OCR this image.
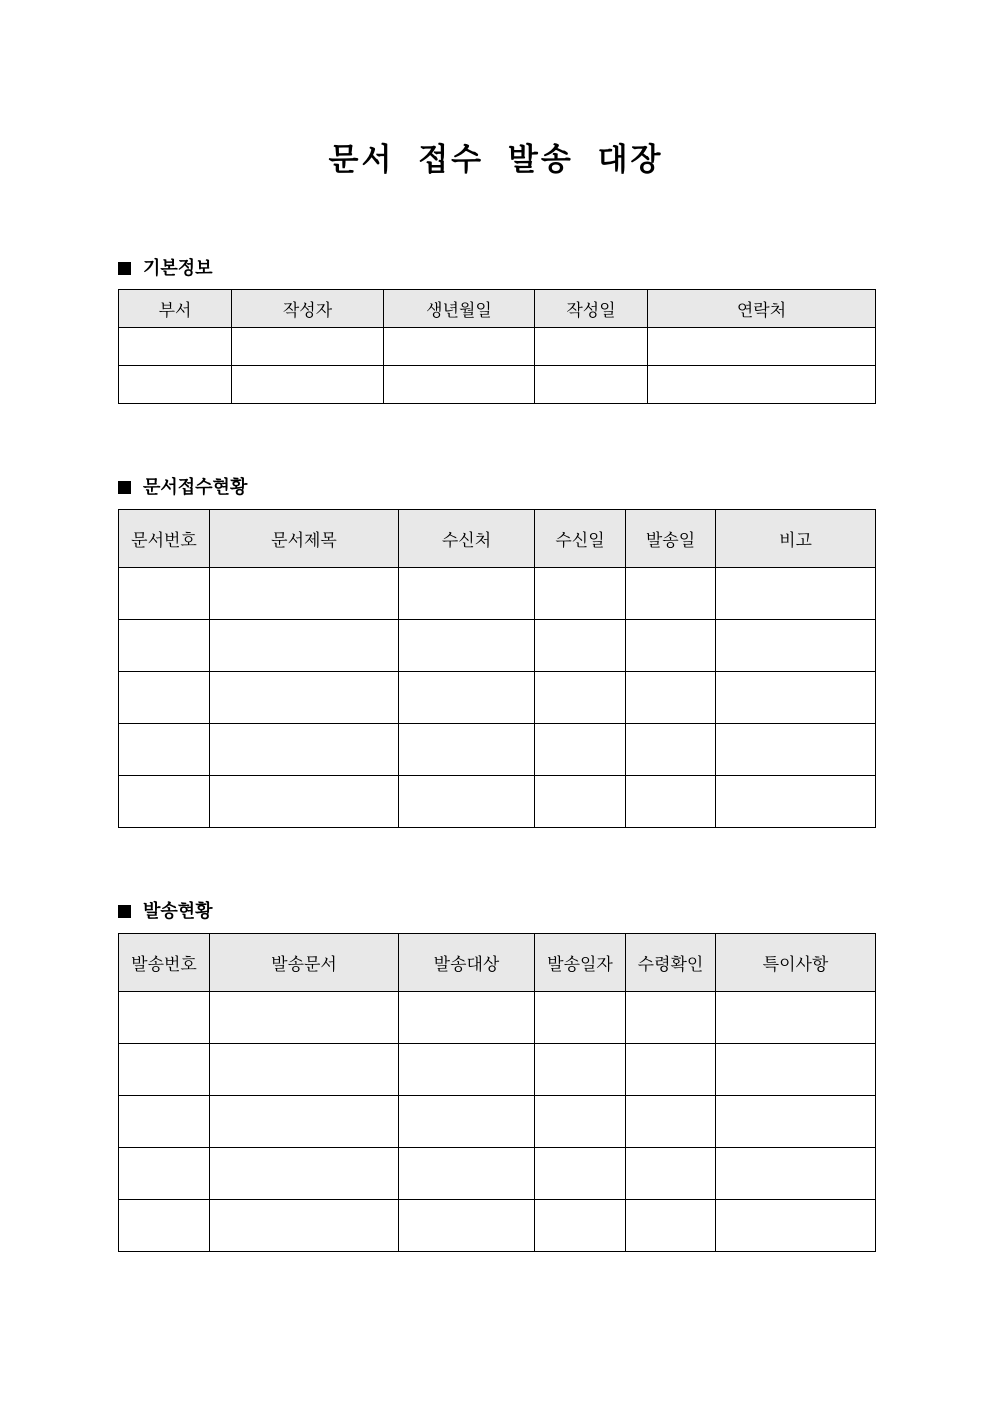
문서 접수 발송 대장
기본정보
부서	작성자	생년월일	작성일	연락처

문서접수현황
문서번호	문서제목	수신처	수신일	발송일	비고

발송현황
발송번호	발송문서	발송대상	발송일자	수령확인	특이사항
